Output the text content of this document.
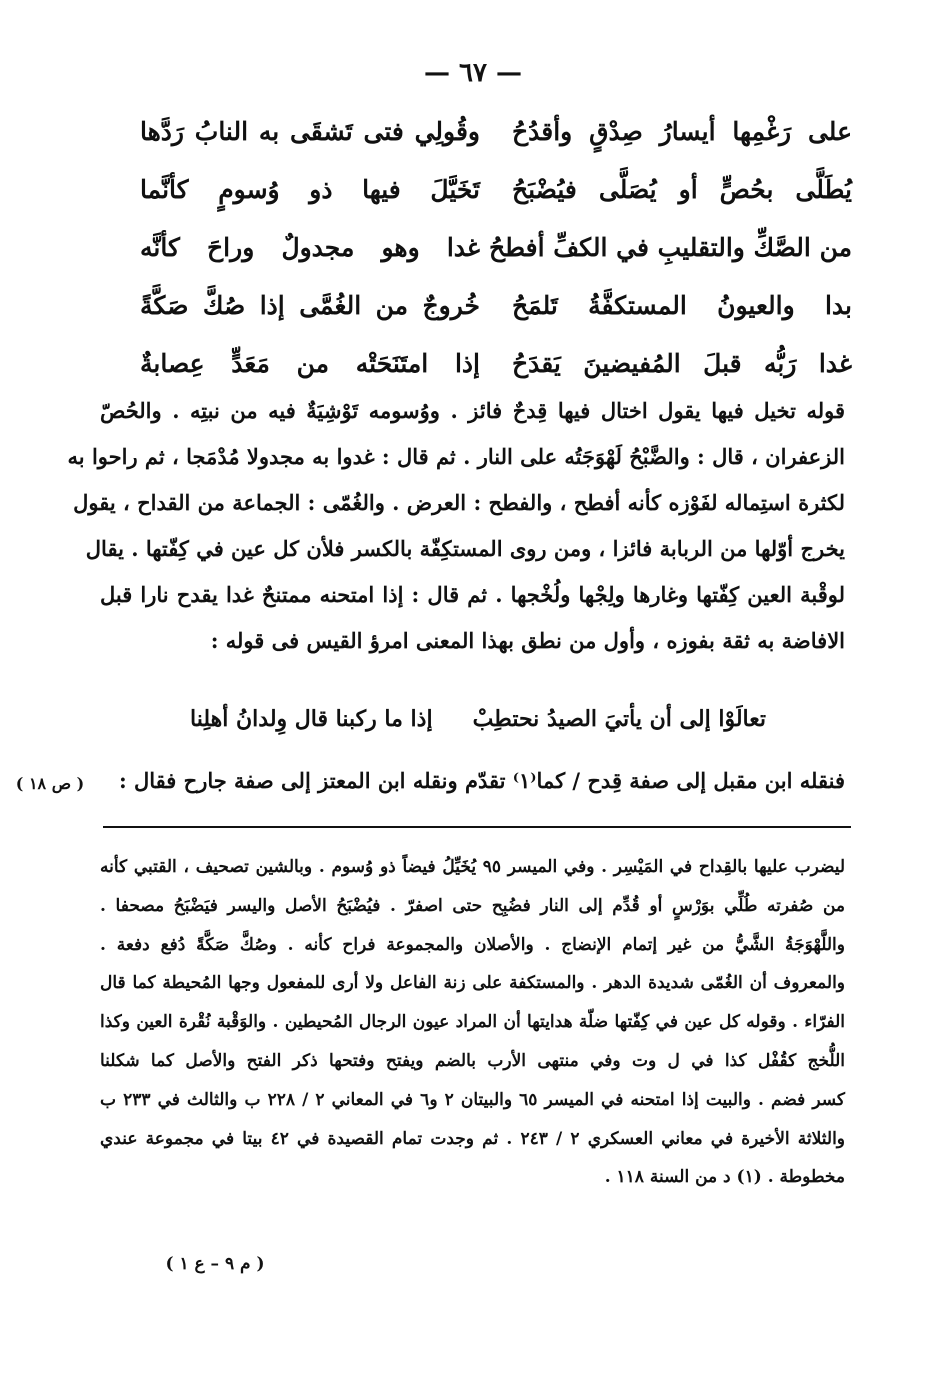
— ٦٧ —
وقُولِي فتى تَشقَى به النابُ رَدَّها على رَغْمِها أيسارُ صِدْقٍ وأقدُحُ
تَخَيَّلَ فيها ذو وُسومٍ كأنَّما يُطَلَّى بحُصٍّ أو يُصَلَّى فيُضْبَحُ
غدا وهو مجدولٌ وراحَ كأنَّه من الصَّكِّ والتقليبِ في الكفِّ أفطحُ
خُروجٌ من الغُمَّى إذا صُكَّ صَكَّةً بدا والعيونُ المستكفَّةُ تَلمَحُ
إذا امتَنَحَتْه من مَعَدٍّ عِصابةٌ غدا رَبُّه قبلَ المُفيضينَ يَقدَحُ
قوله تخيل فيها يقول اختال فيها قِدحٌ فائز . ووُسومه تَوْشِيَةٌ فيه من نبتِه . والحُصّ
الزعفران ، قال : والضَّبْحُ لَهْوَجَتُه على النار . ثم قال : غدوا به مجدولا مُدْمَجا ، ثم راحوا به
لكثرة استِماله لفَوْزه كأنه أفطح ، والفطح : العرض . والغُمّى : الجماعة من القداح ، يقول
يخرج أوّلها من الربابة فائزا ، ومن روى المستكِفّة بالكسر فلأن كل عين في كِفّتها . يقال
لوقْبة العين كِفّتها وغارها ولِجْها ولُخْجها . ثم قال : إذا امتحنه ممتنحٌ غدا يقدح نارا قبل
الافاضة به ثقة بفوزه ، وأول من نطق بهذا المعنى امرؤ القيس فى قوله :
إذا ما ركبنا قال وِلدانُ أهلِنا تعالَوْا إلى أن يأتيَ الصيدُ نحتطِبْ
فنقله ابن مقبل إلى صفة قِدح / كما⁽١⁾ تقدّم ونقله ابن المعتز إلى صفة جارح فقال :
( ص ١٨ )
ليضرب عليها بالقِداح في المَيْسِر . وفي الميسر ٩٥ يُخَيِّلُ فيضاً ذو وُسوم . وبالشين تصحيف ، القتبي كأنه
من صُفرته طُلِّي بوَرْسٍ أو قُدِّم إلى النار فضُبِح حتى اصفرّ . فيُضْبَحُ الأصل واليسر فيَضْبَحُ مصحفا .
واللَّهْوَجَةُ الشَّيُّ من غير إتمام الإنضاج . والأصلان والمجموعة فراح كأنه . وصُكَّ صَكَّةً دُفع دفعة .
والمعروف أن الغُمّى شديدة الدهر . والمستكفة على زنة الفاعل ولا أرى للمفعول وجها المُحيطة كما قال
الفرّاء . وقوله كل عين في كِفّتها ضلّة هدايتها أن المراد عيون الرجال المُحيطين . والوَقْبة نُقْرة العين وكذا
اللُّخج كقُفْل كذا في ل وت وفي منتهى الأرب بالضم ويفتح وفتحها ذكر الفتح والأصل كما شكلنا
كسر فضم . والبيت إذا امتحنه في الميسر ٦٥ والبيتان ٢ و٦ في المعاني ٢ / ٢٢٨ ب والثالث في ٢٣٣ ب
والثلاثة الأخيرة في معاني العسكري ٢ / ٢٤٣ . ثم وجدت تمام القصيدة في ٤٢ بيتا في مجموعة عندي
مخطوطة . (١) د من السنة ١١٨ .
( م ٩ – ع ١ )
